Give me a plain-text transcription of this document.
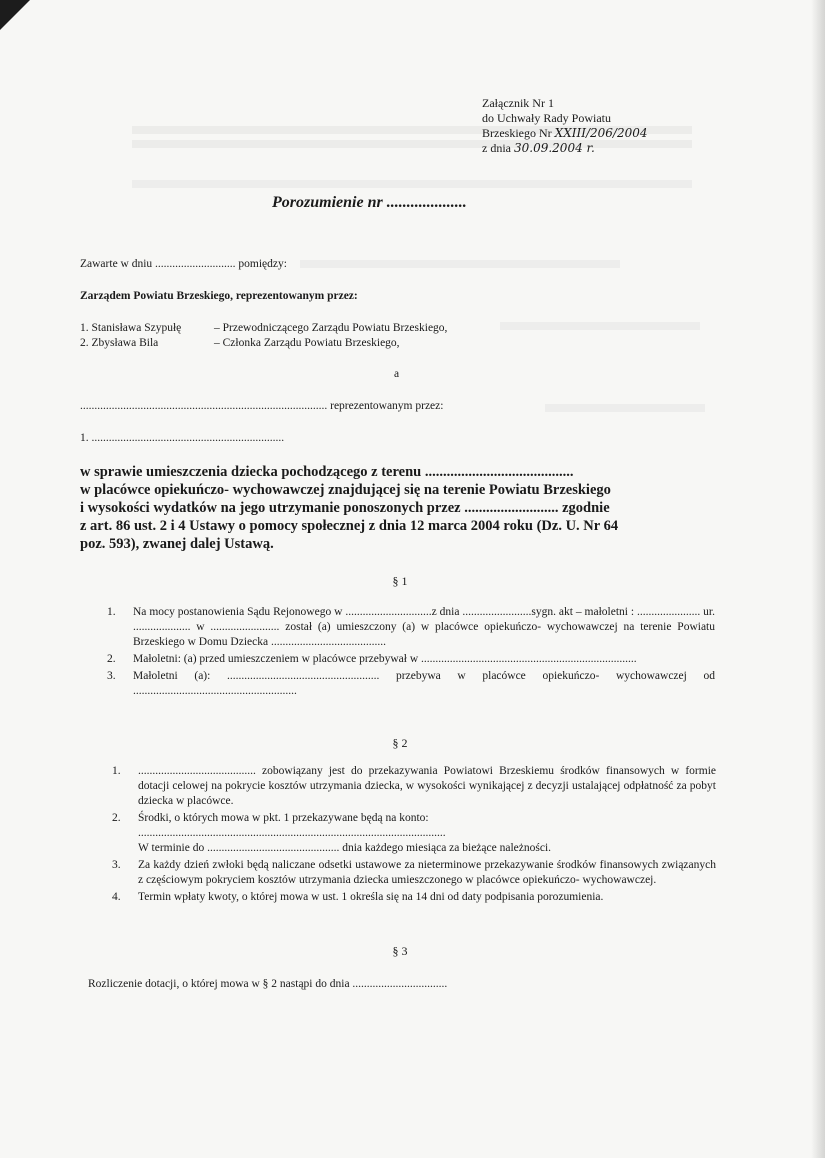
Załącznik Nr 1
do Uchwały Rady Powiatu
Brzeskiego Nr XXIII/206/2004
z dnia 30.09.2004 r.
Porozumienie nr ....................
Zawarte w dniu ............................ pomiędzy:
Zarządem Powiatu Brzeskiego, reprezentowanym przez:
1. Stanisława Szypułę	– Przewodniczącego Zarządu Powiatu Brzeskiego,
2. Zbysława Bila	– Członka Zarządu Powiatu Brzeskiego,
a
...................................................................................... reprezentowanym przez:
1. ...................................................................
w sprawie umieszczenia dziecka pochodzącego z terenu .........................................
w placówce opiekuńczo- wychowawczej znajdującej się na terenie Powiatu Brzeskiego
i wysokości wydatków na jego utrzymanie ponoszonych przez .......................... zgodnie
z art. 86 ust. 2 i 4 Ustawy o pomocy społecznej z dnia 12 marca 2004 roku (Dz. U. Nr 64
poz. 593), zwanej dalej Ustawą.
§ 1
1. Na mocy postanowienia Sądu Rejonowego w ..............................z dnia ........................sygn. akt – małoletni : ...................... ur. .................... w ........................ został (a) umieszczony (a) w placówce opiekuńczo- wychowawczej na terenie Powiatu Brzeskiego w Domu Dziecka ........................................
2. Małoletni: (a) przed umieszczeniem w placówce przebywał w ...........................................................................
3. Małoletni (a): ..................................................... przebywa w placówce opiekuńczo- wychowawczej od .........................................................
§ 2
1. ......................................... zobowiązany jest do przekazywania Powiatowi Brzeskiemu środków finansowych w formie dotacji celowej na pokrycie kosztów utrzymania dziecka, w wysokości wynikającej z decyzji ustalającej odpłatność za pobyt dziecka w placówce.
2. Środki, o których mowa w pkt. 1 przekazywane będą na konto:
...........................................................................................................
W terminie do .............................................. dnia każdego miesiąca za bieżące należności.
3. Za każdy dzień zwłoki będą naliczane odsetki ustawowe za nieterminowe przekazywanie środków finansowych związanych z częściowym pokryciem kosztów utrzymania dziecka umieszczonego w placówce opiekuńczo- wychowawczej.
4. Termin wpłaty kwoty, o której mowa w ust. 1 określa się na 14 dni od daty podpisania porozumienia.
§ 3
Rozliczenie dotacji, o której mowa w § 2 nastąpi do dnia .................................
